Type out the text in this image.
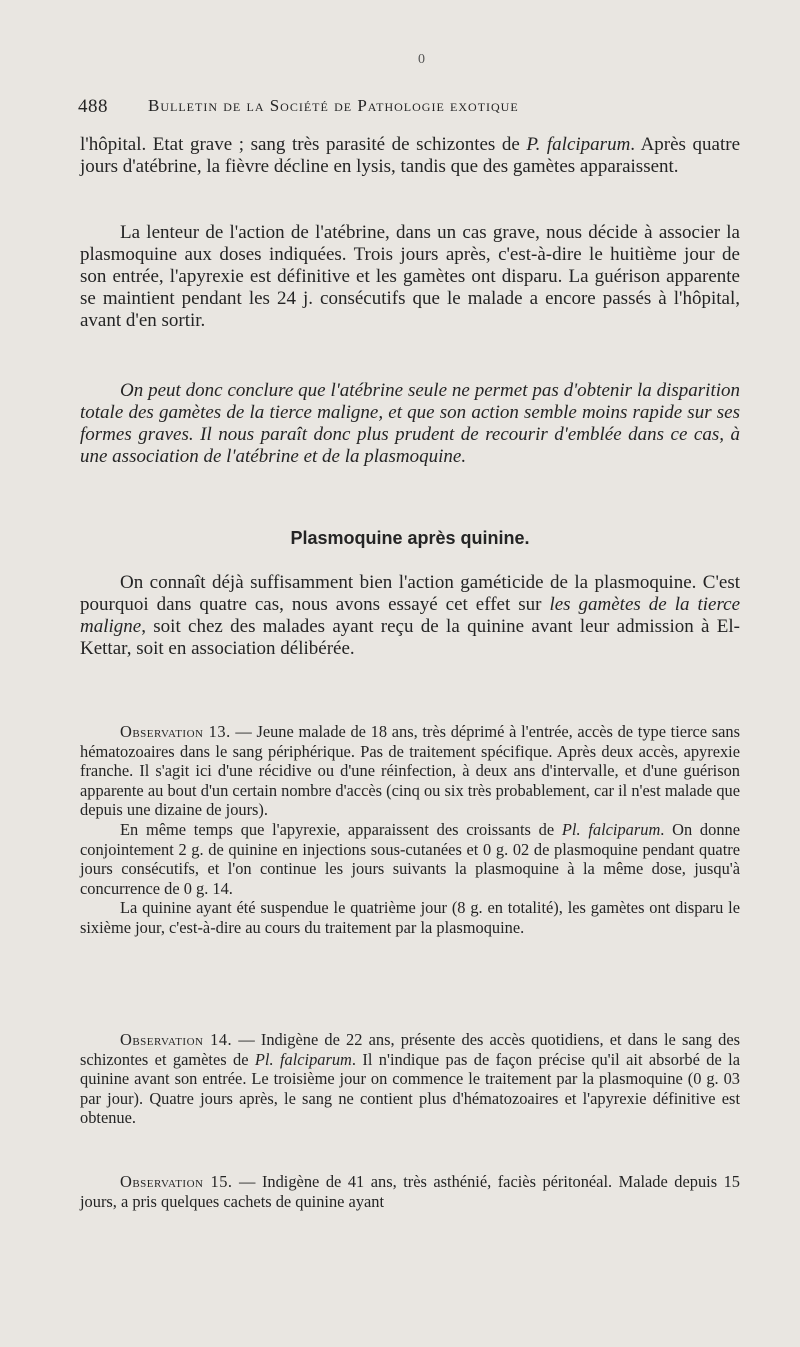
0
488 Bulletin de la Société de Pathologie exotique

l'hôpital. Etat grave ; sang très parasité de schizontes de P. falciparum. Après quatre jours d'atébrine, la fièvre décline en lysis, tandis que des gamètes apparaissent.

La lenteur de l'action de l'atébrine, dans un cas grave, nous décide à associer la plasmoquine aux doses indiquées. Trois jours après, c'est-à-dire le huitième jour de son entrée, l'apyrexie est définitive et les gamètes ont disparu. La guérison apparente se maintient pendant les 24 j. consécutifs que le malade a encore passés à l'hôpital, avant d'en sortir.

On peut donc conclure que l'atébrine seule ne permet pas d'obtenir la disparition totale des gamètes de la tierce maligne, et que son action semble moins rapide sur ses formes graves. Il nous paraît donc plus prudent de recourir d'emblée dans ce cas, à une association de l'atébrine et de la plasmoquine.

Plasmoquine après quinine.

On connaît déjà suffisamment bien l'action gaméticide de la plasmoquine. C'est pourquoi dans quatre cas, nous avons essayé cet effet sur les gamètes de la tierce maligne, soit chez des malades ayant reçu de la quinine avant leur admission à El-Kettar, soit en association délibérée.

Observation 13. — Jeune malade de 18 ans, très déprimé à l'entrée, accès de type tierce sans hématozoaires dans le sang périphérique. Pas de traitement spécifique. Après deux accès, apyrexie franche. Il s'agit ici d'une récidive ou d'une réinfection, à deux ans d'intervalle, et d'une guérison apparente au bout d'un certain nombre d'accès (cinq ou six très probablement, car il n'est malade que depuis une dizaine de jours).

En même temps que l'apyrexie, apparaissent des croissants de Pl. falciparum. On donne conjointement 2 g. de quinine en injections sous-cutanées et 0 g. 02 de plasmoquine pendant quatre jours consécutifs, et l'on continue les jours suivants la plasmoquine à la même dose, jusqu'à concurrence de 0 g. 14.

La quinine ayant été suspendue le quatrième jour (8 g. en totalité), les gamètes ont disparu le sixième jour, c'est-à-dire au cours du traitement par la plasmoquine.

Observation 14. — Indigène de 22 ans, présente des accès quotidiens, et dans le sang des schizontes et gamètes de Pl. falciparum. Il n'indique pas de façon précise qu'il ait absorbé de la quinine avant son entrée. Le troisième jour on commence le traitement par la plasmoquine (0 g. 03 par jour). Quatre jours après, le sang ne contient plus d'hématozoaires et l'apyrexie définitive est obtenue.

Observation 15. — Indigène de 41 ans, très asthénié, faciès péritonéal. Malade depuis 15 jours, a pris quelques cachets de quinine ayant
